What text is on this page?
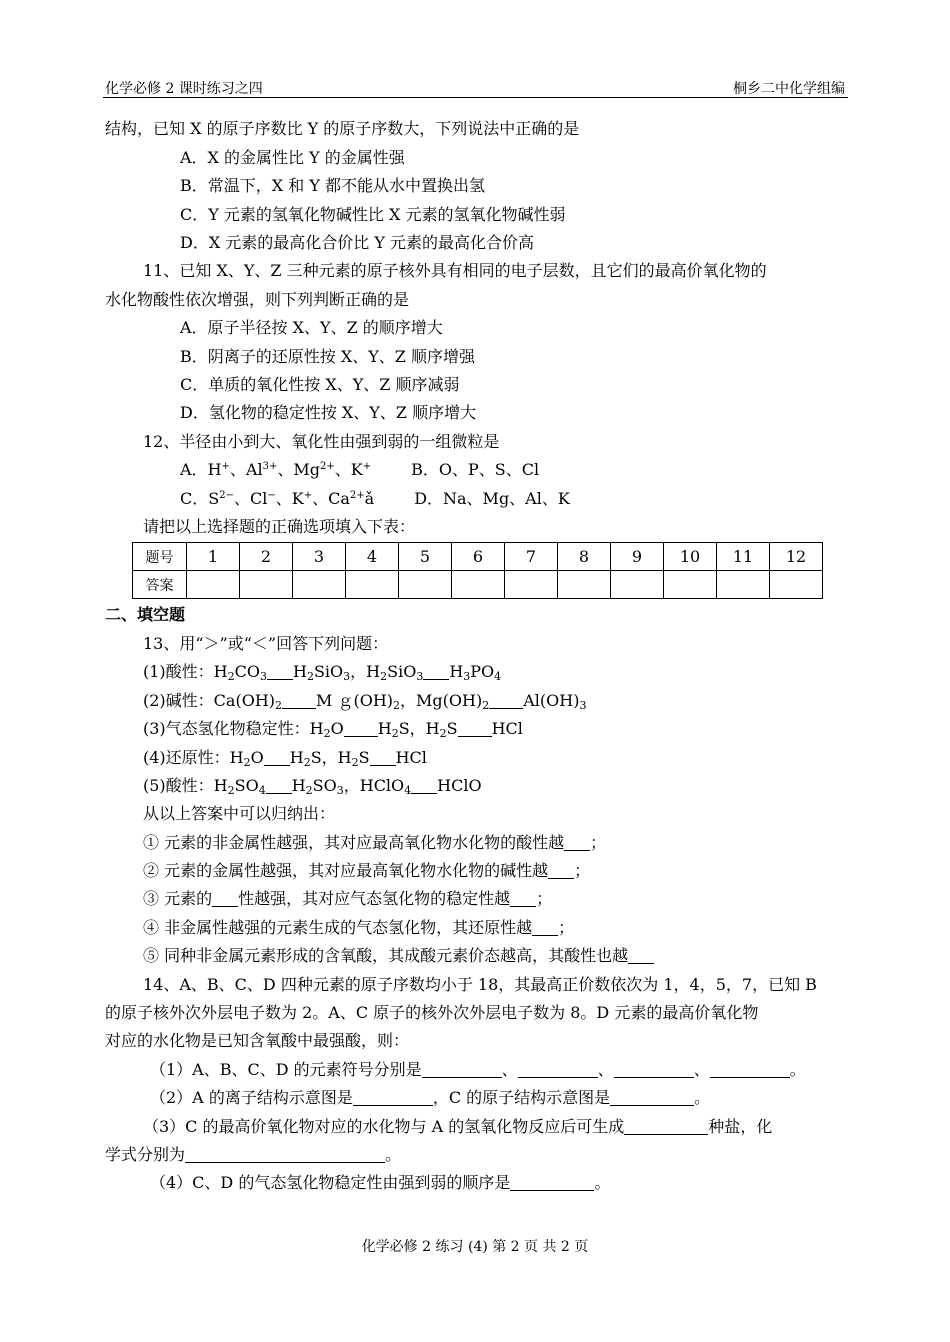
化学必修 2 课时练习之四	桐乡二中化学组编
结构，已知 X 的原子序数比 Y 的原子序数大，下列说法中正确的是
A．X 的金属性比 Y 的金属性强
B．常温下，X 和 Y 都不能从水中置换出氢
C．Y 元素的氢氧化物碱性比 X 元素的氢氧化物碱性弱
D．X 元素的最高化合价比 Y 元素的最高化合价高
11、已知 X、Y、Z 三种元素的原子核外具有相同的电子层数，且它们的最高价氧化物的
水化物酸性依次增强，则下列判断正确的是
A．原子半径按 X、Y、Z 的顺序增大
B．阴离子的还原性按 X、Y、Z 顺序增强
C．单质的氧化性按 X、Y、Z 顺序减弱
D．氢化物的稳定性按 X、Y、Z 顺序增大
12、半径由小到大、氧化性由强到弱的一组微粒是
A．H+、$Al^{3+}$、$Mg^{2+}$、K+	B．O、P、S、Cl
C．$S^{2-}$、Cl−、K+、$Ca^{2+}ǎ$	D．Na、Mg、Al、K
请把以上选择题的正确选项填入下表：
题号	1	2	3	4	5	6	7	8	9	10	11	12
答案												
二、填空题
13、用“＞”或“＜”回答下列问题：
(1)酸性：$H_2CO_3$ $H_2SiO_3$，$H_2SiO_3$ $H_3PO_4$
(2)碱性：$Ca(OH)_2$ M $g(OH)_2$，$Mg(OH)_2$ $Al(OH)_3$
(3)气态氢化物稳定性：$H_2O$ $H_2S$，$H_2S$ HCl
(4)还原性：$H_2O$ $H_2S$，$H_2S$ HCl
(5)酸性：$H_2SO_4$ $H_2SO_3$，HClO$_4$ HClO
从以上答案中可以归纳出：
① 元素的非金属性越强，其对应最高氧化物水化物的酸性越 ；
② 元素的金属性越强，其对应最高氧化物水化物的碱性越 ；
③ 元素的 性越强，其对应气态氢化物的稳定性越 ；
④ 非金属性越强的元素生成的气态氢化物，其还原性越 ；
⑤ 同种非金属元素形成的含氧酸，其成酸元素价态越高，其酸性也越
14、A、B、C、D 四种元素的原子序数均小于 18，其最高正价数依次为 1，4，5，7，已知 B
的原子核外次外层电子数为 2。A、C 原子的核外次外层电子数为 8。D 元素的最高价氧化物
对应的水化物是已知含氧酸中最强酸，则：
（1）A、B、C、D 的元素符号分别是	、	、	、	。
（2）A 的离子结构示意图是	，C 的原子结构示意图是	。
（3）C 的最高价氧化物对应的水化物与 A 的氢氧化物反应后可生成	种盐，化
学式分别为	。
（4）C、D 的气态氢化物稳定性由强到弱的顺序是	。
化学必修 2 练习 (4) 第 2 页 共 2 页
